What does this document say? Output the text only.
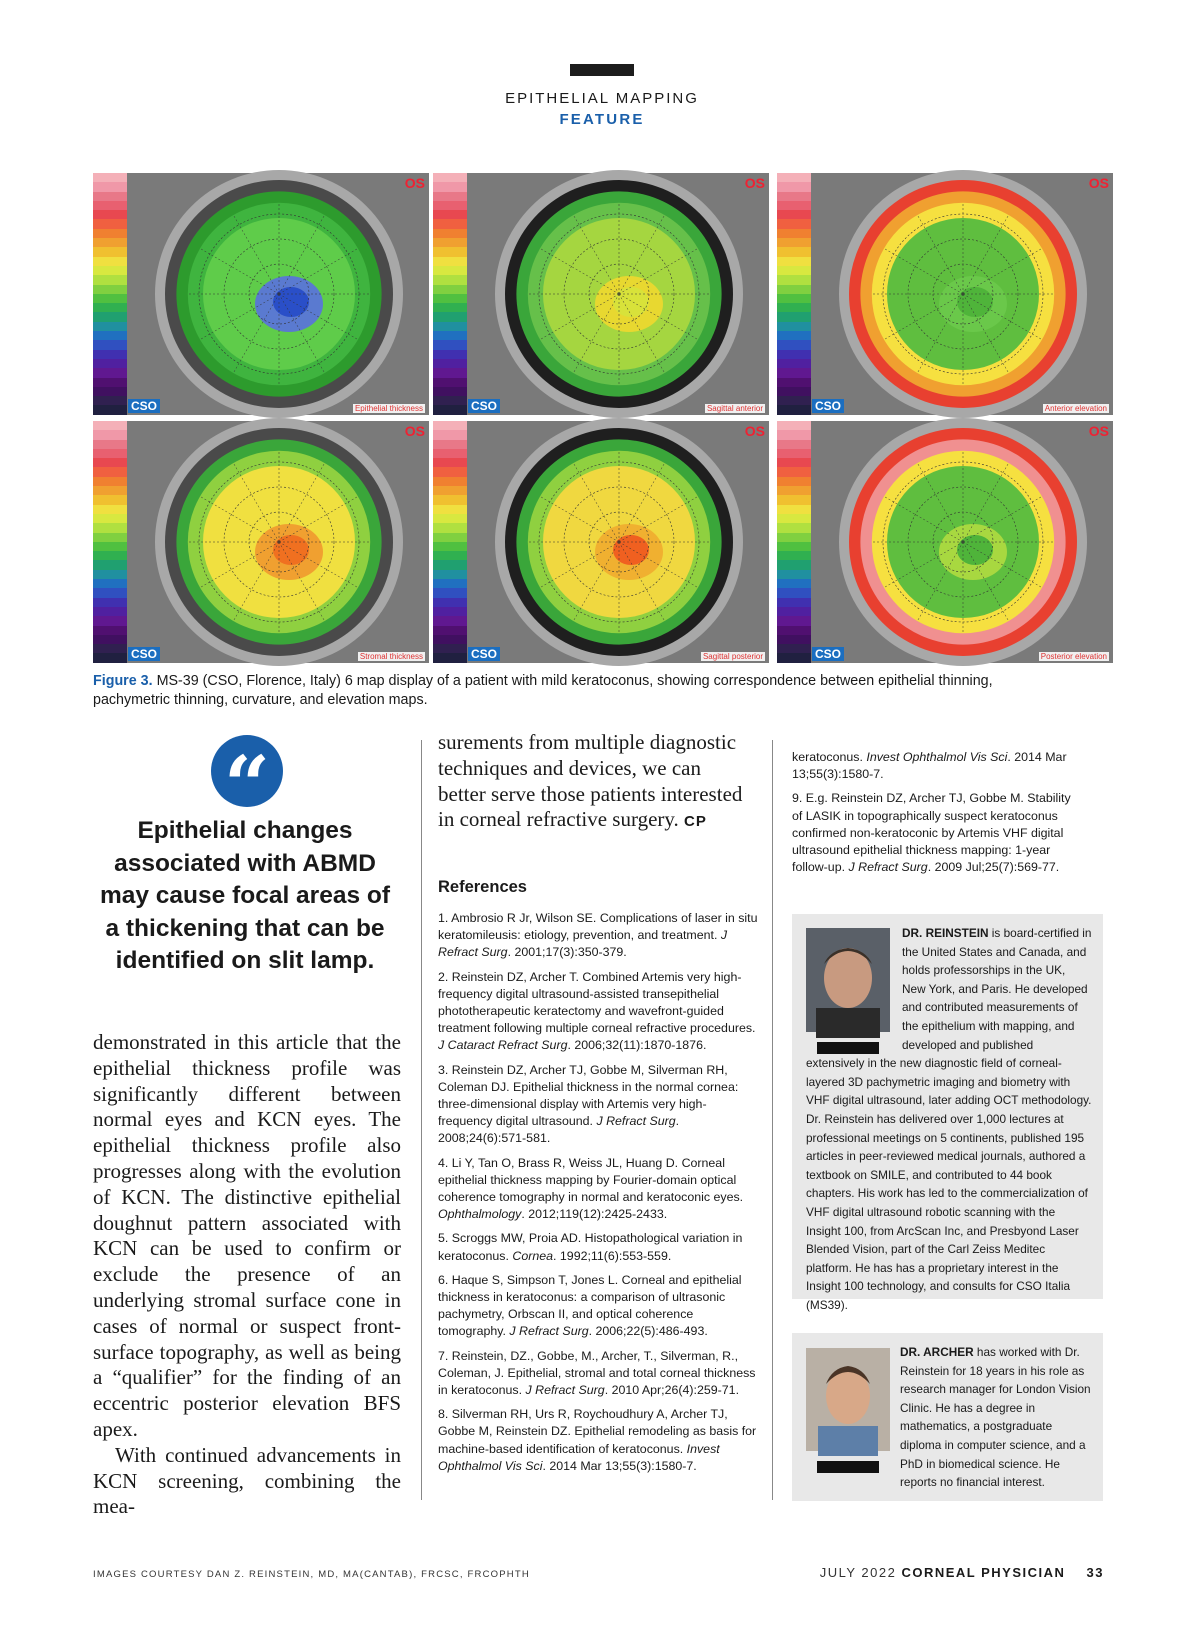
EPITHELIAL MAPPING
FEATURE
CSO
OS
Epithelial thickness	CSO
OS
Sagittal anterior	CSO
OS
Anterior elevation
CSO
OS
Stromal thickness	CSO
OS
Sagittal posterior	CSO
OS
Posterior elevation
Figure 3. MS-39 (CSO, Florence, Italy) 6 map display of a patient with mild keratoconus, showing correspondence between epithelial thinning, pachymetric thinning, curvature, and elevation maps.
“
Epithelial changes associated with ABMD may cause focal areas of a thickening that can be identified on slit lamp.

demonstrated in this article that the epithelial thickness profile was significantly different between normal eyes and KCN eyes. The epithelial thickness profile also progresses along with the evolution of KCN. The distinctive epithelial doughnut pattern associated with KCN can be used to confirm or exclude the presence of an underlying stromal surface cone in cases of normal or suspect front-surface topography, as well as being a “qualifier” for the finding of an eccentric posterior elevation BFS apex.

With continued advancements in KCN screening, combining the mea-

surements from multiple diagnostic techniques and devices, we can better serve those patients interested in corneal refractive surgery. CP
References

1. Ambrosio R Jr, Wilson SE. Complications of laser in situ keratomileusis: etiology, prevention, and treatment. J Refract Surg. 2001;17(3):350-379.

2. Reinstein DZ, Archer T. Combined Artemis very high-frequency digital ultrasound-assisted transepithelial phototherapeutic keratectomy and wavefront-guided treatment following multiple corneal refractive procedures. J Cataract Refract Surg. 2006;32(11):1870-1876.

3. Reinstein DZ, Archer TJ, Gobbe M, Silverman RH, Coleman DJ. Epithelial thickness in the normal cornea: three-dimensional display with Artemis very high-frequency digital ultrasound. J Refract Surg. 2008;24(6):571-581.

4. Li Y, Tan O, Brass R, Weiss JL, Huang D. Corneal epithelial thickness mapping by Fourier-domain optical coherence tomography in normal and keratoconic eyes. Ophthalmology. 2012;119(12):2425-2433.

5. Scroggs MW, Proia AD. Histopathological variation in keratoconus. Cornea. 1992;11(6):553-559.

6. Haque S, Simpson T, Jones L. Corneal and epithelial thickness in keratoconus: a comparison of ultrasonic pachymetry, Orbscan II, and optical coherence tomography. J Refract Surg. 2006;22(5):486-493.

7. Reinstein, DZ., Gobbe, M., Archer, T., Silverman, R., Coleman, J. Epithelial, stromal and total corneal thickness in keratoconus. J Refract Surg. 2010 Apr;26(4):259-71.

8. Silverman RH, Urs R, Roychoudhury A, Archer TJ, Gobbe M, Reinstein DZ. Epithelial remodeling as basis for machine-based identification of keratoconus. Invest Ophthalmol Vis Sci. 2014 Mar 13;55(3):1580-7.

keratoconus. Invest Ophthalmol Vis Sci. 2014 Mar 13;55(3):1580-7.

9. E.g. Reinstein DZ, Archer TJ, Gobbe M. Stability of LASIK in topographically suspect keratoconus confirmed non-keratoconic by Artemis VHF digital ultrasound epithelial thickness mapping: 1-year follow-up. J Refract Surg. 2009 Jul;25(7):569-77.

DR. REINSTEIN is board-certified in the United States and Canada, and holds professorships in the UK, New York, and Paris. He developed and contributed measurements of the epithelium with mapping, and developed and published extensively in the new diagnostic field of corneal-layered 3D pachymetric imaging and biometry with VHF digital ultrasound, later adding OCT methodology. Dr. Reinstein has delivered over 1,000 lectures at professional meetings on 5 continents, published 195 articles in peer-reviewed medical journals, authored a textbook on SMILE, and contributed to 44 book chapters. His work has led to the commercialization of VHF digital ultrasound robotic scanning with the Insight 100, from ArcScan Inc, and Presbyond Laser Blended Vision, part of the Carl Zeiss Meditec platform. He has has a proprietary interest in the Insight 100 technology, and consults for CSO Italia (MS39).
DR. ARCHER has worked with Dr. Reinstein for 18 years in his role as research manager for London Vision Clinic. He has a degree in mathematics, a postgraduate diploma in computer science, and a PhD in biomedical science. He reports no financial interest.
IMAGES COURTESY DAN Z. REINSTEIN, MD, MA(CANTAB), FRCSC, FRCOPHTH	JULY 2022 CORNEAL PHYSICIAN 33
